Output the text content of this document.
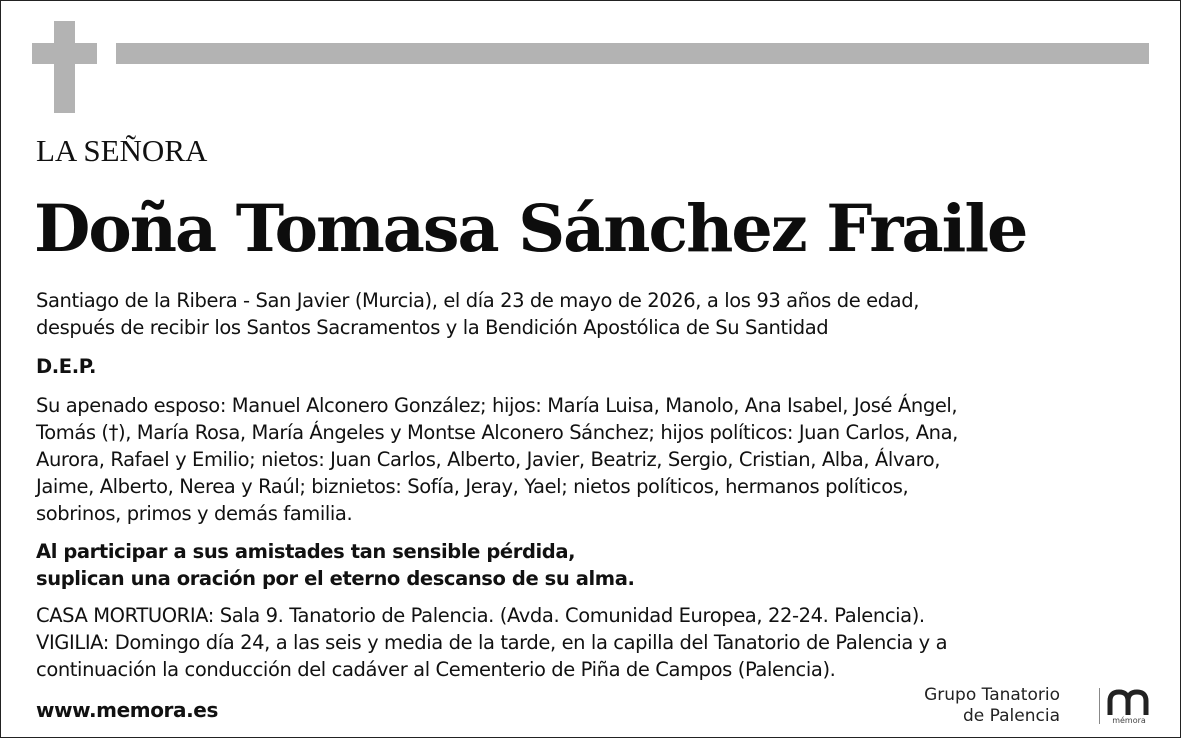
LA SEÑORA

Doña Tomasa Sánchez Fraile

Santiago de la Ribera - San Javier (Murcia), el día 23 de mayo de 2026, a los 93 años de edad,
después de recibir los Santos Sacramentos y la Bendición Apostólica de Su Santidad

D.E.P.

Su apenado esposo: Manuel Alconero González; hijos: María Luisa, Manolo, Ana Isabel, José Ángel,
Tomás (†), María Rosa, María Ángeles y Montse Alconero Sánchez; hijos políticos: Juan Carlos, Ana,
Aurora, Rafael y Emilio; nietos: Juan Carlos, Alberto, Javier, Beatriz, Sergio, Cristian, Alba, Álvaro,
Jaime, Alberto, Nerea y Raúl; biznietos: Sofía, Jeray, Yael; nietos políticos, hermanos políticos,
sobrinos, primos y demás familia.

Al participar a sus amistades tan sensible pérdida,
suplican una oración por el eterno descanso de su alma.

CASA MORTUORIA: Sala 9. Tanatorio de Palencia. (Avda. Comunidad Europea, 22-24. Palencia).
VIGILIA: Domingo día 24, a las seis y media de la tarde, en la capilla del Tanatorio de Palencia y a
continuación la conducción del cadáver al Cementerio de Piña de Campos (Palencia).

www.memora.es

Grupo Tanatorio
de Palencia	mémora
